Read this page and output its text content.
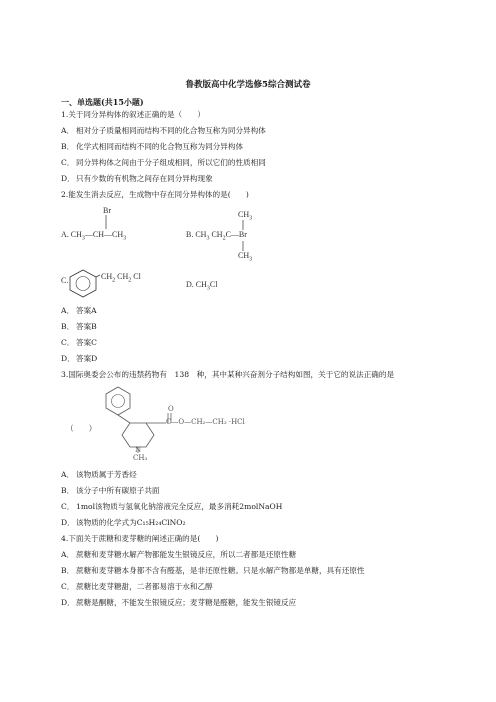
鲁教版高中化学选修5综合测试卷
一、单选题(共15小题)
1.关于同分异构体的叙述正确的是（　　）
A． 相对分子质量相同而结构不同的化合物互称为同分异构体
B． 化学式相同而结构不同的化合物互称为同分异构体
C． 同分异构体之间由于分子组成相同，所以它们的性质相同
D．只有少数的有机物之间存在同分异构现象
2.能发生消去反应，生成物中存在同分异构体的是(　　)
Br
A. $CH_3—CH—CH_3$
$CH_3$
B. $CH_3$ $CH_2C—Br$
$CH_3$
C.	$CH_2$ $CH_2$ Cl
D. $CH_3Cl$
A． 答案A
B． 答案B
C． 答案C
D．答案D
3.国际奥委会公布的违禁药物有　138　种，其中某种兴奋剂分子结构如图，关于它的说法正确的是
O
C—O—CH₂—CH₃ ·HCl
N
CH₃
（　　）
A． 该物质属于芳香烃
B． 该分子中所有碳原子共面
C． 1mol该物质与氢氧化钠溶液完全反应，最多消耗2molNaOH
D．该物质的化学式为C₁₅H₂₄ClNO₂
4.下面关于蔗糖和麦芽糖的阐述正确的是(　　)
A． 蔗糖和麦芽糖水解产物都能发生银镜反应，所以二者都是还原性糖
B． 蔗糖和麦芽糖本身都不含有醛基，是非还原性糖。只是水解产物都是单糖，具有还原性
C． 蔗糖比麦芽糖甜，二者都易溶于水和乙醇
D．蔗糖是酮糖，不能发生银镜反应；麦芽糖是醛糖，能发生银镜反应
